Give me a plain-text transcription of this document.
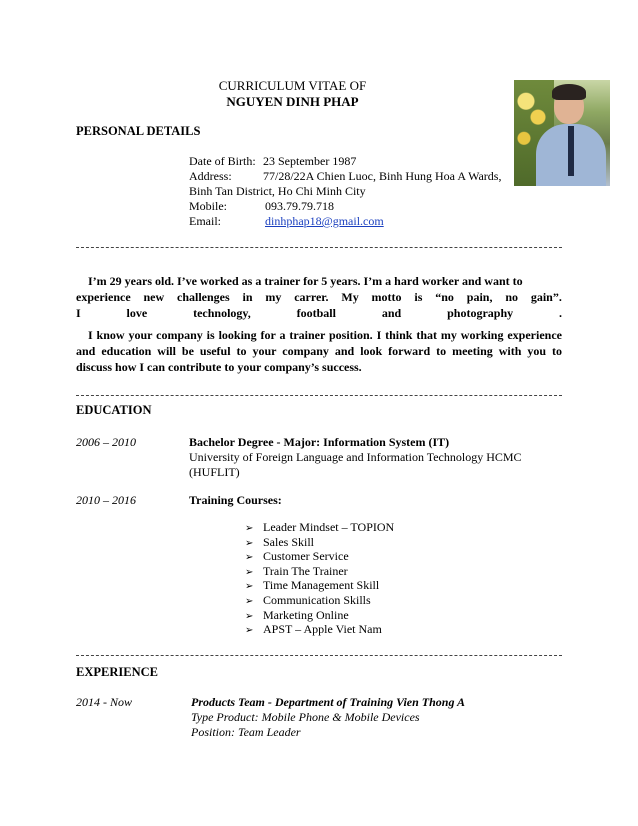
CURRICULUM VITAE OF
NGUYEN DINH PHAP
PERSONAL DETAILS
Date of Birth: 23 September 1987
Address:	77/28/22A Chien Luoc, Binh Hung Hoa A Wards,
Binh Tan District, Ho Chi Minh City
Mobile:	093.79.79.718
Email:	dinhphap18@gmail.com
I’m 29 years old. I’ve worked as a trainer for 5 years. I’m a hard worker and want to
experience new challenges in my carrer. My motto is “no pain, no gain”.
I	love	technology,	football	and	photography	.
I know your company is looking for a trainer position. I think that my working experience
and education will be useful to your company and look forward to meeting with you to
discuss how I can contribute to your company’s success.
EDUCATION
2006 – 2010	Bachelor Degree - Major: Information System (IT)
University of Foreign Language and Information Technology HCMC
(HUFLIT)
2010 – 2016	Training Courses:
➢ Leader Mindset – TOPION
➢ Sales Skill
➢ Customer Service
➢ Train The Trainer
➢ Time Management Skill
➢ Communication Skills
➢ Marketing Online
➢ APST – Apple Viet Nam
EXPERIENCE
2014 - Now	Products Team - Department of Training Vien Thong A
Type Product: Mobile Phone & Mobile Devices
Position: Team Leader
